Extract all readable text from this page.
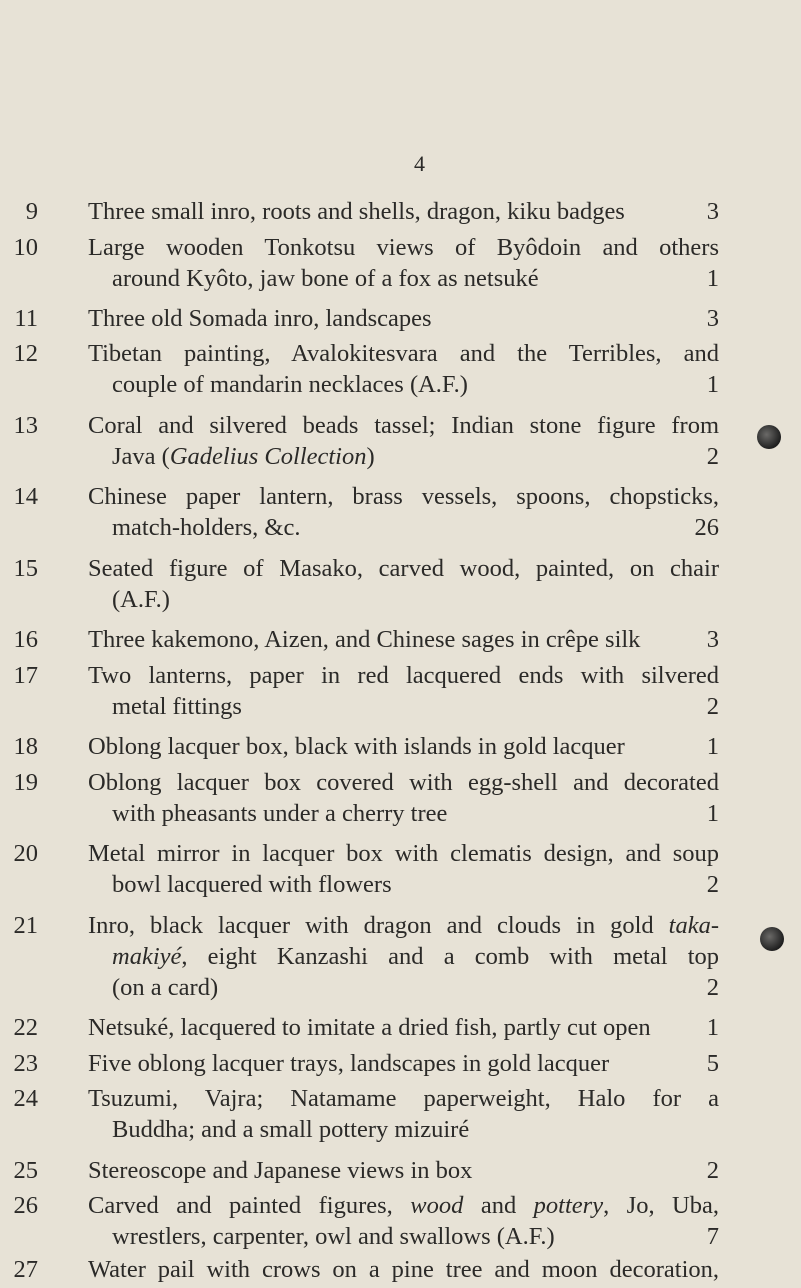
4
9 Three small inro, roots and shells, dragon, kiku badges	3
10 Large wooden Tonkotsu views of Byôdoin and others
around Kyôto, jaw bone of a fox as netsuké	1
11 Three old Somada inro, landscapes	3
12 Tibetan painting, Avalokitesvara and the Terribles, and
couple of mandarin necklaces (A.F.)	1
13 Coral and silvered beads tassel; Indian stone figure from
Java (Gadelius Collection)	2
14 Chinese paper lantern, brass vessels, spoons, chopsticks,
match-holders, &c.	26
15 Seated figure of Masako, carved wood, painted, on chair
(A.F.)
16 Three kakemono, Aizen, and Chinese sages in crêpe silk	3
17 Two lanterns, paper in red lacquered ends with silvered
metal fittings	2
18 Oblong lacquer box, black with islands in gold lacquer	1
19 Oblong lacquer box covered with egg-shell and decorated
with pheasants under a cherry tree	1
20 Metal mirror in lacquer box with clematis design, and soup
bowl lacquered with flowers	2
21 Inro, black lacquer with dragon and clouds in gold taka-
makiyé, eight Kanzashi and a comb with metal top
(on a card)	2
22 Netsuké, lacquered to imitate a dried fish, partly cut open	1
23 Five oblong lacquer trays, landscapes in gold lacquer	5
24 Tsuzumi, Vajra; Natamame paperweight, Halo for a
Buddha; and a small pottery mizuiré
25 Stereoscope and Japanese views in box	2
26 Carved and painted figures, wood and pottery, Jo, Uba,
wrestlers, carpenter, owl and swallows (A.F.)	7
27 Water pail with crows on a pine tree and moon decoration,
